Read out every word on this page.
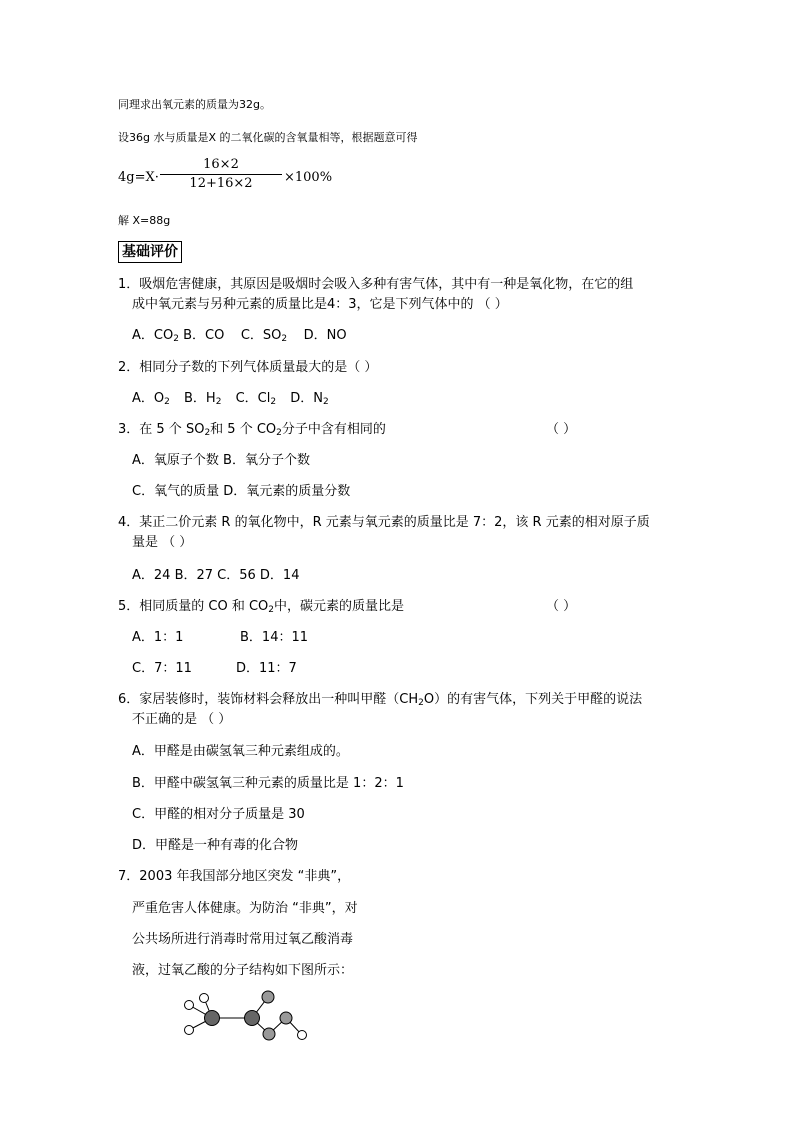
同理求出氧元素的质量为32g。
设36g 水与质量是X 的二氧化碳的含氧量相等，根据题意可得
4g=X·
16×2
12+16×2	×100%
解 X=88g
基础评价
1．吸烟危害健康，其原因是吸烟时会吸入多种有害气体，其中有一种是氧化物，在它的组
成中氧元素与另种元素的质量比是4：3，它是下列气体中的 （ ）
A．$CO_2$ B．CO C．$SO_2$ D．NO
2．相同分子数的下列气体质量最大的是（ ）
A．$O_2$ B．$H_2$ C．$Cl_2$ D．$N_2$
3．在 5 个 $SO_2$和 5 个 $CO_2$分子中含有相同的	（ ）
A．氧原子个数 B．氧分子个数
C．氧气的质量 D．氧元素的质量分数
4．某正二价元素 R 的氧化物中，R 元素与氧元素的质量比是 7：2，该 R 元素的相对原子质
量是 （ ）
A．24 B．27 C．56 D．14
5．相同质量的 CO 和 $CO_2$中，碳元素的质量比是	（ ）
A．1：1	B．14：11
C．7：11	D．11：7
6．家居装修时，装饰材料会释放出一种叫甲醛$(CH_2O)$的有害气体，下列关于甲醛的说法
不正确的是 （ ）
A．甲醛是由碳氢氧三种元素组成的。
B．甲醛中碳氢氧三种元素的质量比是 1：2：1
C．甲醛的相对分子质量是 30
D．甲醛是一种有毒的化合物
7．2003 年我国部分地区突发 “非典”，
严重危害人体健康。为防治 “非典”，对
公共场所进行消毒时常用过氧乙酸消毒
液，过氧乙酸的分子结构如下图所示：
